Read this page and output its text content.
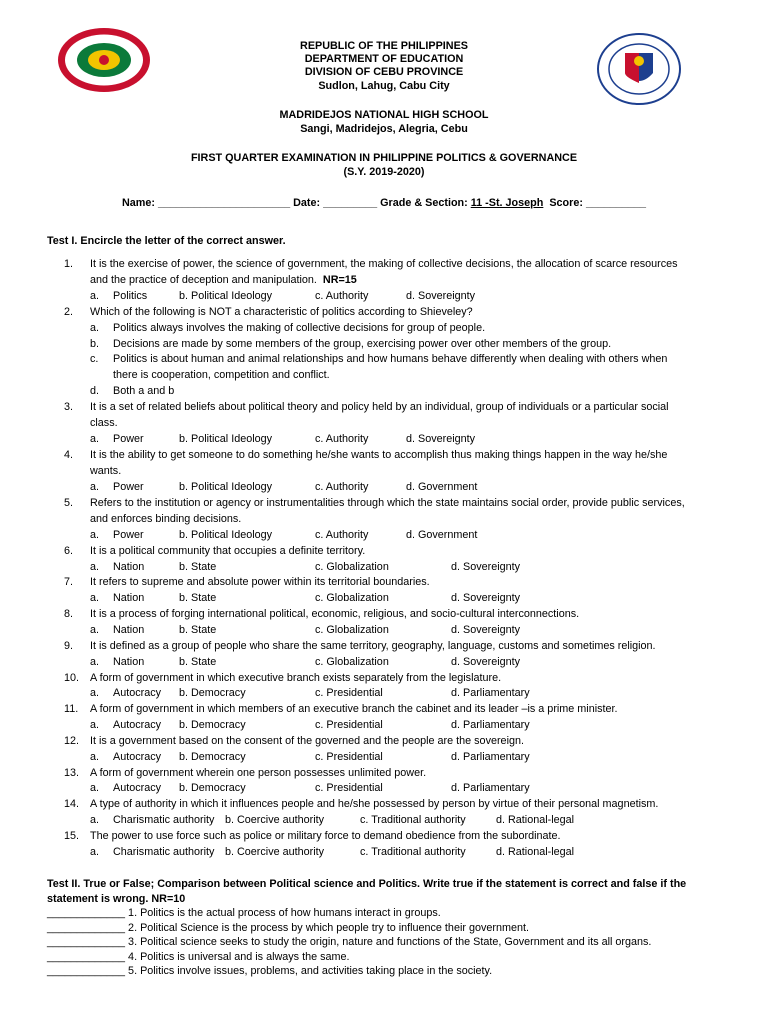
REPUBLIC OF THE PHILIPPINES
DEPARTMENT OF EDUCATION
DIVISION OF CEBU PROVINCE
Sudlon, Lahug, Cabu City
MADRIDEJOS NATIONAL HIGH SCHOOL
Sangi, Madridejos, Alegria, Cebu
FIRST QUARTER EXAMINATION IN PHILIPPINE POLITICS & GOVERNANCE
(S.Y. 2019-2020)
Name: ______________________ Date: _________ Grade & Section: 11 -St. Joseph Score: __________
Test I. Encircle the letter of the correct answer.
1.	It is the exercise of power, the science of government, the making of collective decisions, the allocation of scarce resources
and the practice of deception and manipulation. NR=15
a. Politics	b. Political Ideology	c. Authority	d. Sovereignty
2.	Which of the following is NOT a characteristic of politics according to Shieveley?
a. Politics always involves the making of collective decisions for group of people.
b. Decisions are made by some members of the group, exercising power over other members of the group.
c. Politics is about human and animal relationships and how humans behave differently when dealing with others when
there is cooperation, competition and conflict.
d. Both a and b
3.	It is a set of related beliefs about political theory and policy held by an individual, group of individuals or a particular social
class.
a. Power	b. Political Ideology	c. Authority	d. Sovereignty
4.	It is the ability to get someone to do something he/she wants to accomplish thus making things happen in the way he/she
wants.
a. Power	b. Political Ideology	c. Authority	d. Government
5.	Refers to the institution or agency or instrumentalities through which the state maintains social order, provide public services,
and enforces binding decisions.
a. Power	b. Political Ideology	c. Authority	d. Government
6.	It is a political community that occupies a definite territory.
a. Nation	b. State	c. Globalization	d. Sovereignty
7.	It refers to supreme and absolute power within its territorial boundaries.
a. Nation	b. State	c. Globalization	d. Sovereignty
8.	It is a process of forging international political, economic, religious, and socio-cultural interconnections.
a. Nation	b. State	c. Globalization	d. Sovereignty
9.	It is defined as a group of people who share the same territory, geography, language, customs and sometimes religion.
a. Nation	b. State	c. Globalization	d. Sovereignty
10.	A form of government in which executive branch exists separately from the legislature.
a. Autocracy b. Democracy	c. Presidential	d. Parliamentary
11.	A form of government in which members of an executive branch the cabinet and its leader –is a prime minister.
a. Autocracy b. Democracy	c. Presidential	d. Parliamentary
12.	It is a government based on the consent of the governed and the people are the sovereign.
a. Autocracy b. Democracy	c. Presidential	d. Parliamentary
13.	A form of government wherein one person possesses unlimited power.
a. Autocracy b. Democracy	c. Presidential	d. Parliamentary
14.	A type of authority in which it influences people and he/she possessed by person by virtue of their personal magnetism.
a. Charismatic authority b. Coercive authority	c. Traditional authority	d. Rational-legal
15.	The power to use force such as police or military force to demand obedience from the subordinate.
a. Charismatic authority b. Coercive authority	c. Traditional authority	d. Rational-legal
Test II. True or False; Comparison between Political science and Politics. Write true if the statement is correct and false if the statement is wrong. NR=10
_____________ 1. Politics is the actual process of how humans interact in groups.
_____________ 2. Political Science is the process by which people try to influence their government.
_____________ 3. Political science seeks to study the origin, nature and functions of the State, Government and its all organs.
_____________ 4. Politics is universal and is always the same.
_____________ 5. Politics involve issues, problems, and activities taking place in the society.
